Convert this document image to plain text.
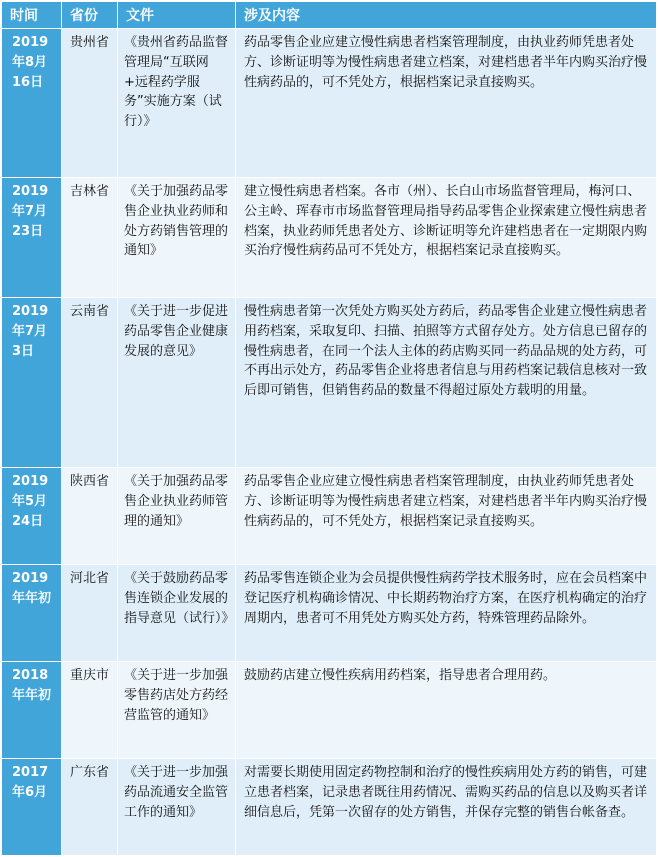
时间	省份	文件	涉及内容
2019年8月16日	贵州省	《贵州省药品监督管理局“互联网+远程药学服务”实施方案（试行）》	药品零售企业应建立慢性病患者档案管理制度，由执业药师凭患者处方、诊断证明等为慢性病患者建立档案，对建档患者半年内购买治疗慢性病药品的，可不凭处方，根据档案记录直接购买。
2019年7月23日	吉林省	《关于加强药品零售企业执业药师和处方药销售管理的通知》	建立慢性病患者档案。各市（州）、长白山市场监督管理局，梅河口、公主岭、珲春市市场监督管理局指导药品零售企业探索建立慢性病患者档案，执业药师凭患者处方、诊断证明等允许建档患者在一定期限内购买治疗慢性病药品可不凭处方，根据档案记录直接购买。
2019年7月3日	云南省	《关于进一步促进药品零售企业健康发展的意见》	慢性病患者第一次凭处方购买处方药后，药品零售企业建立慢性病患者用药档案，采取复印、扫描、拍照等方式留存处方。处方信息已留存的慢性病患者，在同一个法人主体的药店购买同一药品品规的处方药，可不再出示处方，药品零售企业将患者信息与用药档案记载信息核对一致后即可销售，但销售药品的数量不得超过原处方载明的用量。
2019年5月24日	陕西省	《关于加强药品零售企业执业药师管理的通知》	药品零售企业应建立慢性病患者档案管理制度，由执业药师凭患者处方、诊断证明等为慢性病患者建立档案，对建档患者半年内购买治疗慢性病药品的，可不凭处方，根据档案记录直接购买。
2019年年初	河北省	《关于鼓励药品零售连锁企业发展的指导意见（试行）》	药品零售连锁企业为会员提供慢性病药学技术服务时，应在会员档案中登记医疗机构确诊情况、中长期药物治疗方案，在医疗机构确定的治疗周期内，患者可不用凭处方购买处方药，特殊管理药品除外。
2018年年初	重庆市	《关于进一步加强零售药店处方药经营监管的通知》	鼓励药店建立慢性疾病用药档案，指导患者合理用药。
2017年6月	广东省	《关于进一步加强药品流通安全监管工作的通知》	对需要长期使用固定药物控制和治疗的慢性疾病用处方药的销售，可建立患者档案，记录患者既往用药情况、需购买药品的信息以及购买者详细信息后，凭第一次留存的处方销售，并保存完整的销售台帐备查。
